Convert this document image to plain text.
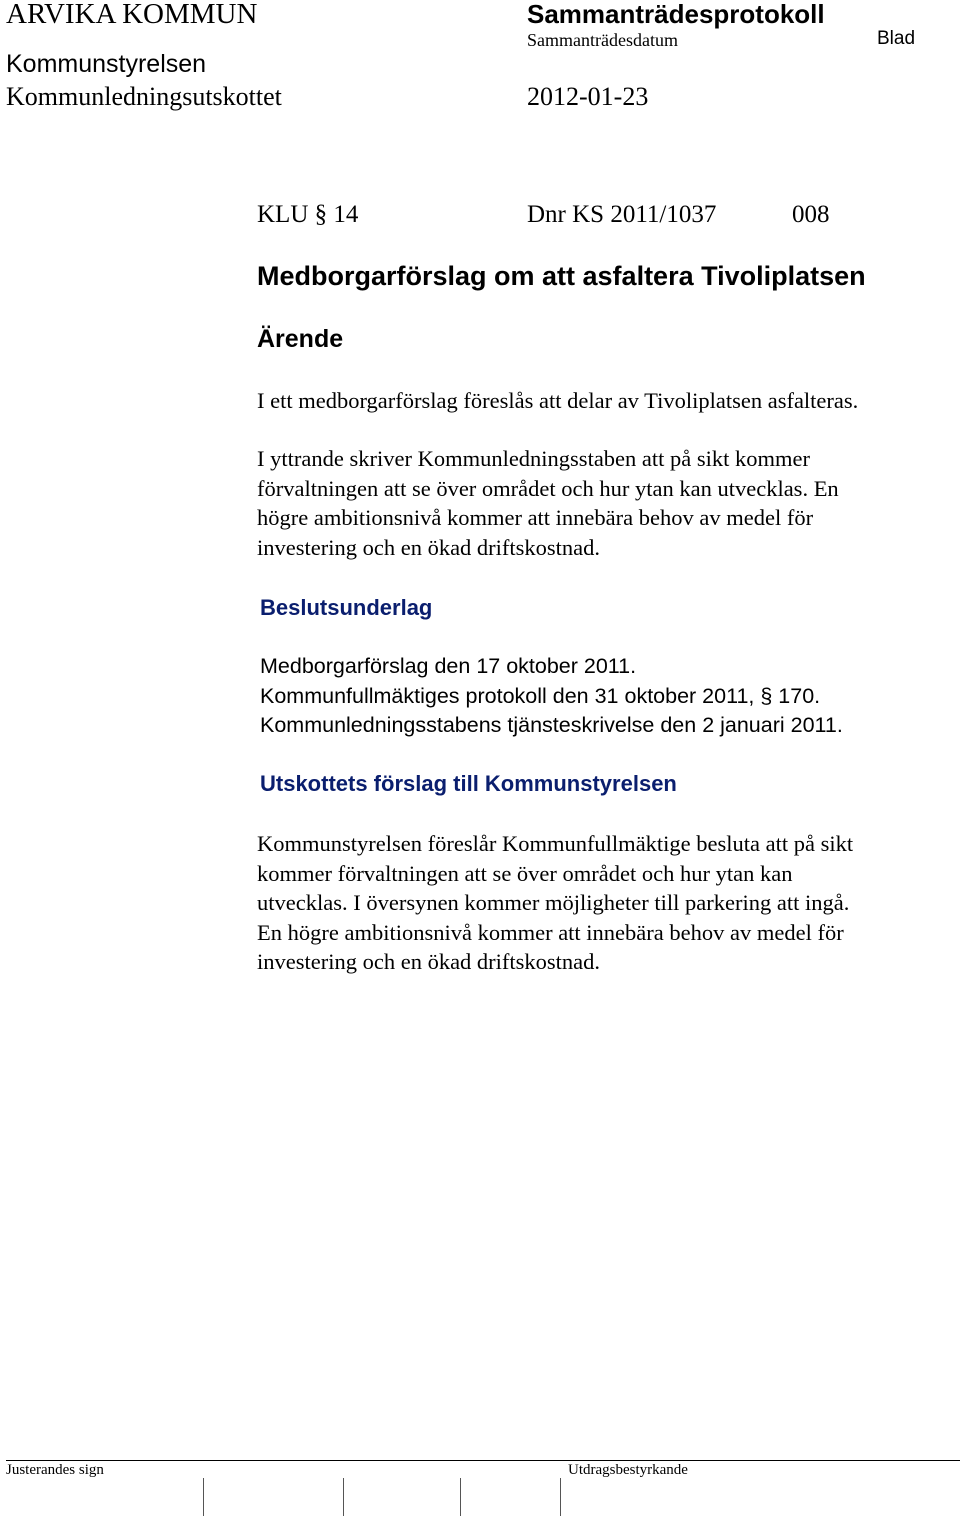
ARVIKA KOMMUN	Sammanträdesprotokoll
Sammanträdesdatum	Blad
Kommunstyrelsen
Kommunledningsutskottet	2012-01-23
KLU § 14	Dnr KS 2011/1037	008
Medborgarförslag om att asfaltera Tivoliplatsen
Ärende
I ett medborgarförslag föreslås att delar av Tivoliplatsen asfalteras.
I yttrande skriver Kommunledningsstaben att på sikt kommer
förvaltningen att se över området och hur ytan kan utvecklas. En
högre ambitionsnivå kommer att innebära behov av medel för
investering och en ökad driftskostnad.
Beslutsunderlag
Medborgarförslag den 17 oktober 2011.
Kommunfullmäktiges protokoll den 31 oktober 2011, § 170.
Kommunledningsstabens tjänsteskrivelse den 2 januari 2011.
Utskottets förslag till Kommunstyrelsen
Kommunstyrelsen föreslår Kommunfullmäktige besluta att på sikt
kommer förvaltningen att se över området och hur ytan kan
utvecklas. I översynen kommer möjligheter till parkering att ingå.
En högre ambitionsnivå kommer att innebära behov av medel för
investering och en ökad driftskostnad.
Justerandes sign	Utdragsbestyrkande
